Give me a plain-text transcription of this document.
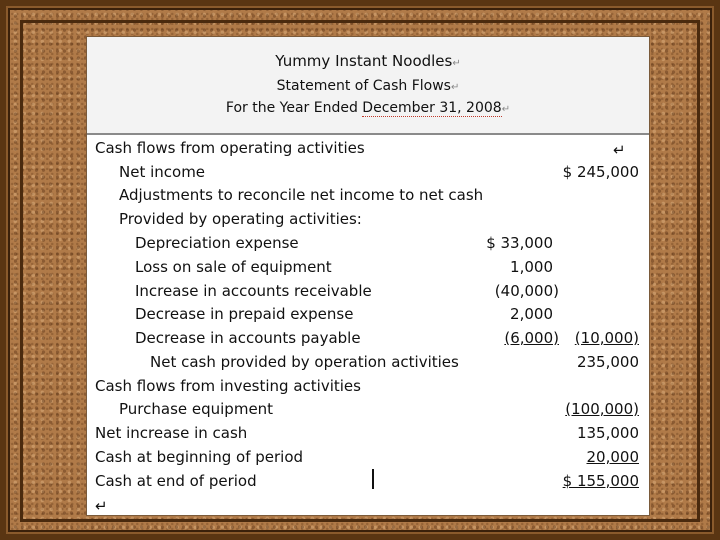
Yummy Instant Noodles↵
Statement of Cash Flows↵
For the Year Ended December 31, 2008↵
Cash flows from operating activities	↵
Net income	$ 245,000
Adjustments to reconcile net income to net cash
Provided by operating activities:
Depreciation expense	$ 33,000
Loss on sale of equipment	1,000
Increase in accounts receivable	(40,000)
Decrease in prepaid expense	2,000
Decrease in accounts payable	(6,000) (10,000)
Net cash provided by operation activities	235,000
Cash flows from investing activities
Purchase equipment	(100,000)
Net increase in cash	135,000
Cash at beginning of period	20,000
Cash at end of period	$ 155,000
↵
